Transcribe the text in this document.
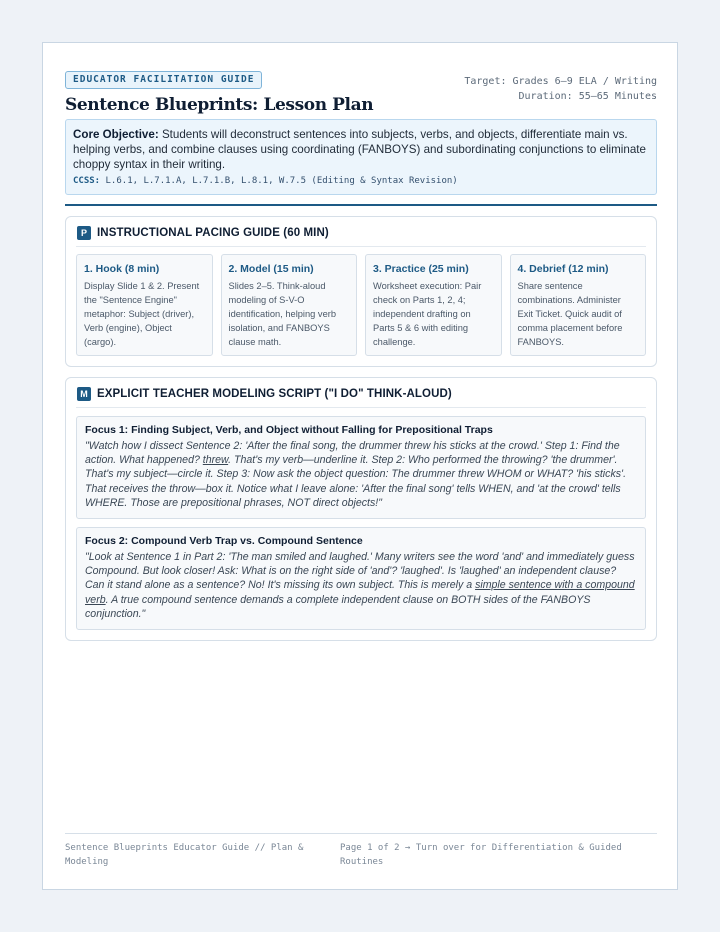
EDUCATOR FACILITATION GUIDE
Sentence Blueprints: Lesson Plan
Target: Grades 6–9 ELA / Writing
Duration: 55–65 Minutes

Core Objective: Students will deconstruct sentences into subjects, verbs, and objects, differentiate main vs. helping verbs, and combine clauses using coordinating (FANBOYS) and subordinating conjunctions to eliminate choppy syntax in their writing.

CCSS: L.6.1, L.7.1.A, L.7.1.B, L.8.1, W.7.5 (Editing & Syntax Revision)
P INSTRUCTIONAL PACING GUIDE (60 MIN)
1. Hook (8 min)
Display Slide 1 & 2. Present the "Sentence Engine" metaphor: Subject (driver), Verb (engine), Object (cargo).
2. Model (15 min)
Slides 2–5. Think-aloud modeling of S-V-O identification, helping verb isolation, and FANBOYS clause math.
3. Practice (25 min)
Worksheet execution: Pair check on Parts 1, 2, 4; independent drafting on Parts 5 & 6 with editing challenge.
4. Debrief (12 min)
Share sentence combinations. Administer Exit Ticket. Quick audit of comma placement before FANBOYS.
M EXPLICIT TEACHER MODELING SCRIPT ("I DO" THINK-ALOUD)
Focus 1: Finding Subject, Verb, and Object without Falling for Prepositional Traps
"Watch how I dissect Sentence 2: 'After the final song, the drummer threw his sticks at the crowd.' Step 1: Find the action. What happened? threw. That's my verb—underline it. Step 2: Who performed the throwing? 'the drummer'. That's my subject—circle it. Step 3: Now ask the object question: The drummer threw WHOM or WHAT? 'his sticks'. That receives the throw—box it. Notice what I leave alone: 'After the final song' tells WHEN, and 'at the crowd' tells WHERE. Those are prepositional phrases, NOT direct objects!"
Focus 2: Compound Verb Trap vs. Compound Sentence
"Look at Sentence 1 in Part 2: 'The man smiled and laughed.' Many writers see the word 'and' and immediately guess Compound. But look closer! Ask: What is on the right side of 'and'? 'laughed'. Is 'laughed' an independent clause? Can it stand alone as a sentence? No! It's missing its own subject. This is merely a simple sentence with a compound verb. A true compound sentence demands a complete independent clause on BOTH sides of the FANBOYS conjunction."
Sentence Blueprints Educator Guide // Plan & Modeling
Page 1 of 2 → Turn over for Differentiation & Guided Routines
